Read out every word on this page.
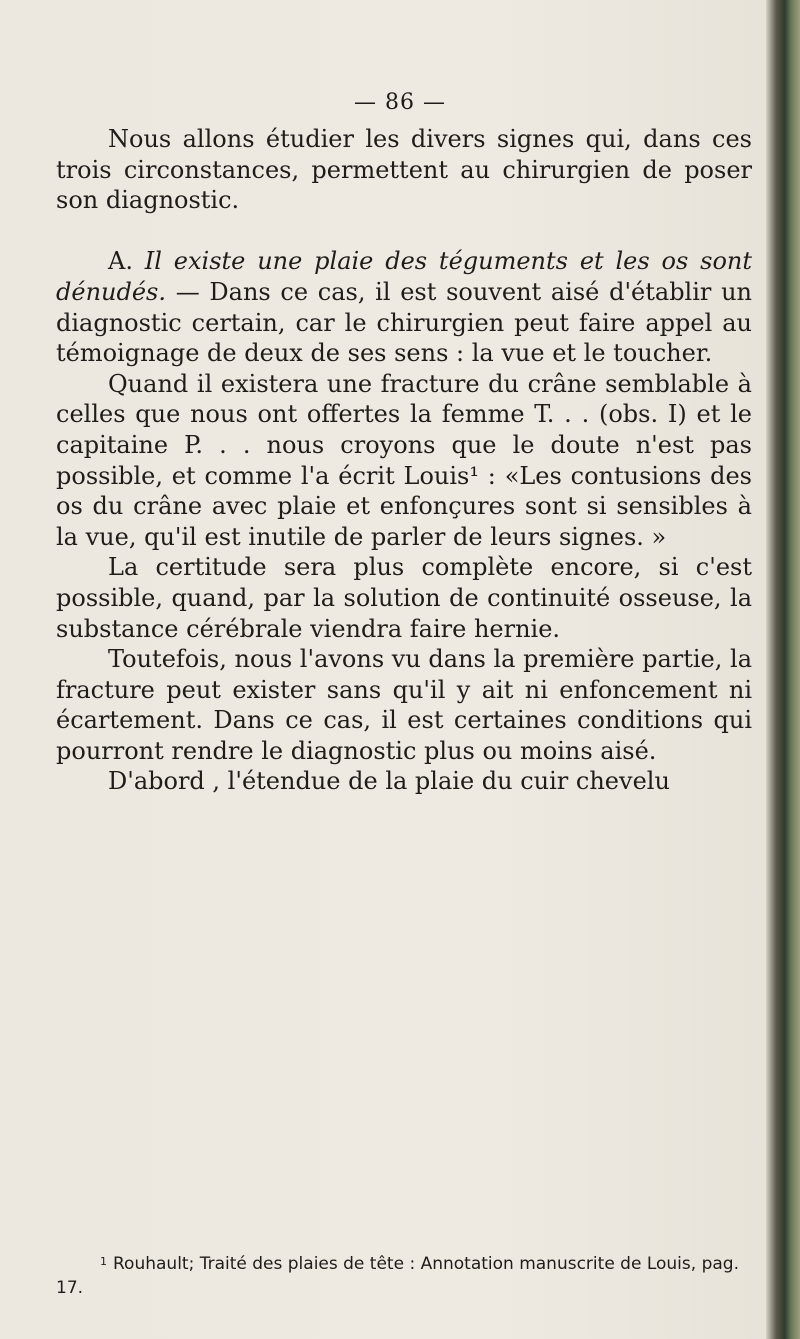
— 86 —

Nous allons étudier les divers signes qui, dans ces trois circonstances, permettent au chirurgien de poser son diagnostic.

A. Il existe une plaie des téguments et les os sont dénudés. — Dans ce cas, il est souvent aisé d'établir un diagnostic certain, car le chirurgien peut faire appel au témoignage de deux de ses sens : la vue et le toucher.

Quand il existera une fracture du crâne semblable à celles que nous ont offertes la femme T. . . (obs. I) et le capitaine P. . . nous croyons que le doute n'est pas possible, et comme l'a écrit Louis¹ : «Les contusions des os du crâne avec plaie et enfonçures sont si sensibles à la vue, qu'il est inutile de parler de leurs signes. »

La certitude sera plus complète encore, si c'est possible, quand, par la solution de continuité osseuse, la substance cérébrale viendra faire hernie.

Toutefois, nous l'avons vu dans la première partie, la fracture peut exister sans qu'il y ait ni enfoncement ni écartement. Dans ce cas, il est certaines conditions qui pourront rendre le diagnostic plus ou moins aisé.

D'abord , l'étendue de la plaie du cuir chevelu

$^1$ Rouhault; Traité des plaies de tête : Annotation manuscrite de Louis, pag. 17.
